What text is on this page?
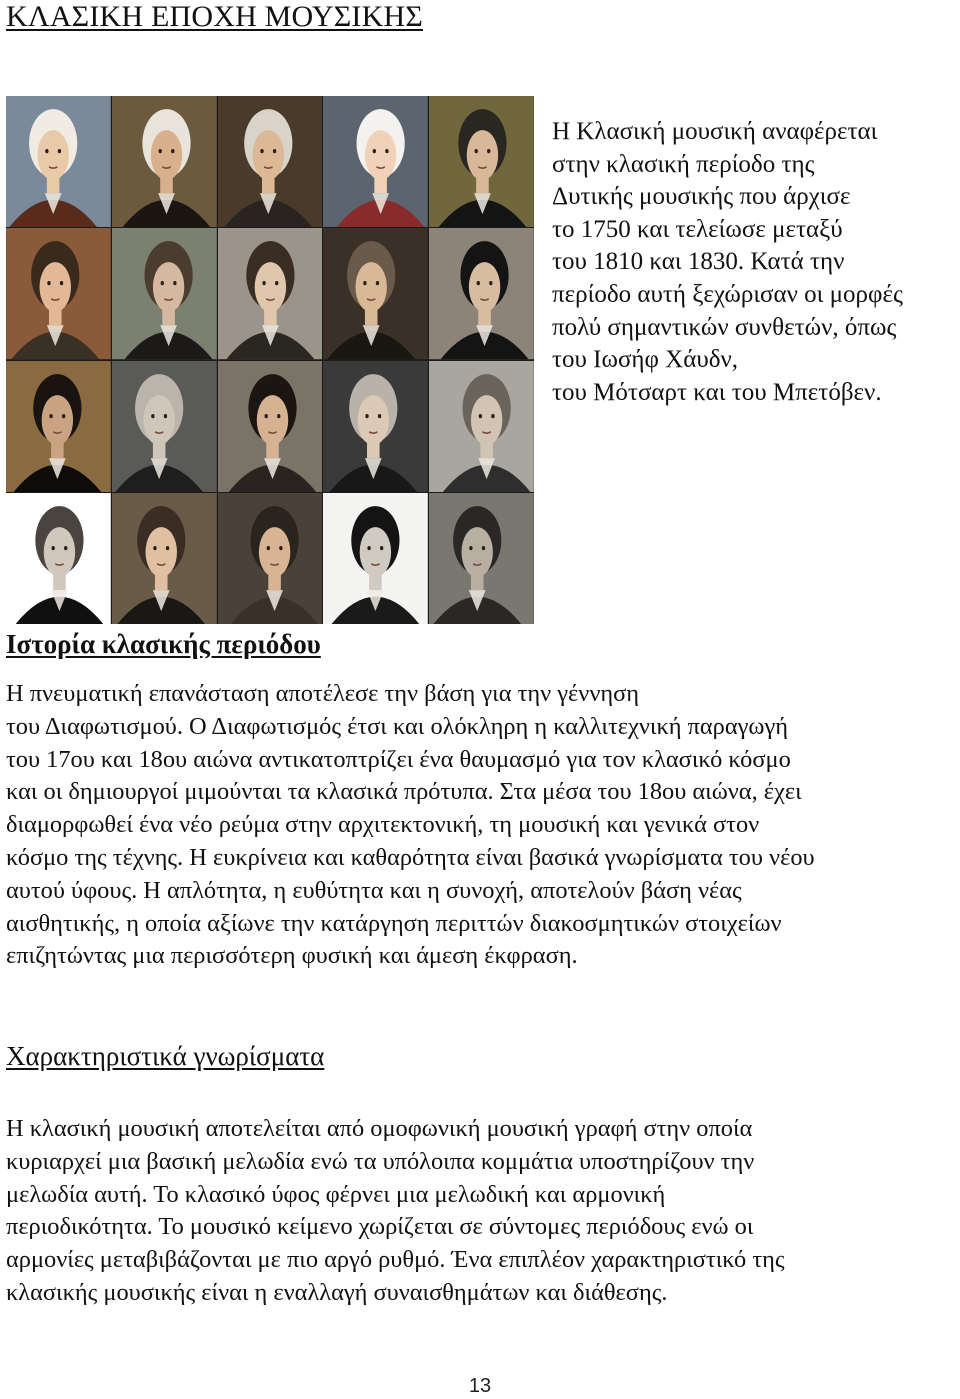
ΚΛΑΣΙΚΗ ΕΠΟΧΗ ΜΟΥΣΙΚΗΣ
Η Κλασική μουσική αναφέρεται
στην κλασική περίοδο της
Δυτικής μουσικής που άρχισε
το 1750 και τελείωσε μεταξύ
του 1810 και 1830. Κατά την
περίοδο αυτή ξεχώρισαν οι μορφές
πολύ σημαντικών συνθετών, όπως
του Ιωσήφ Χάυδν,
του Μότσαρτ και του Μπετόβεν.
Ιστορία κλασικής περιόδου
Η πνευματική επανάσταση αποτέλεσε την βάση για την γέννηση
του Διαφωτισμού. Ο Διαφωτισμός έτσι και ολόκληρη η καλλιτεχνική παραγωγή
του 17ου και 18ου αιώνα αντικατοπτρίζει ένα θαυμασμό για τον κλασικό κόσμο
και οι δημιουργοί μιμούνται τα κλασικά πρότυπα. Στα μέσα του 18ου αιώνα, έχει
διαμορφωθεί ένα νέο ρεύμα στην αρχιτεκτονική, τη μουσική και γενικά στον
κόσμο της τέχνης. Η ευκρίνεια και καθαρότητα είναι βασικά γνωρίσματα του νέου
αυτού ύφους. Η απλότητα, η ευθύτητα και η συνοχή, αποτελούν βάση νέας
αισθητικής, η οποία αξίωνε την κατάργηση περιττών διακοσμητικών στοιχείων
επιζητώντας μια περισσότερη φυσική και άμεση έκφραση.
Χαρακτηριστικά γνωρίσματα
Η κλασική μουσική αποτελείται από ομοφωνική μουσική γραφή στην οποία
κυριαρχεί μια βασική μελωδία ενώ τα υπόλοιπα κομμάτια υποστηρίζουν την
μελωδία αυτή. Το κλασικό ύφος φέρνει μια μελωδική και αρμονική
περιοδικότητα. Το μουσικό κείμενο χωρίζεται σε σύντομες περιόδους ενώ οι
αρμονίες μεταβιβάζονται με πιο αργό ρυθμό. Ένα επιπλέον χαρακτηριστικό της
κλασικής μουσικής είναι η εναλλαγή συναισθημάτων και διάθεσης.
13
